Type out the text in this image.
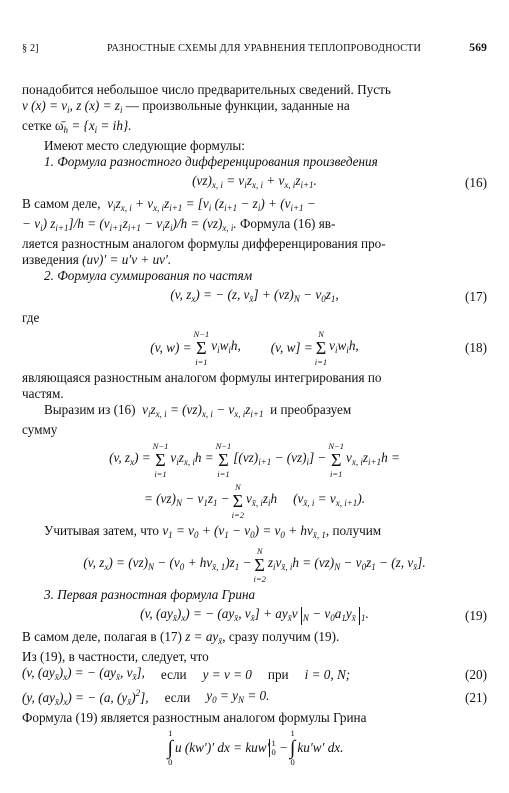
§ 2]	РАЗНОСТНЫЕ СХЕМЫ ДЛЯ УРАВНЕНИЯ ТЕПЛОПРОВОДНОСТИ	569

понадобится небольшое число предварительных сведений. Пусть
v $(x) = v_i$, z $(x) = z_i$ — произвольные функции, заданные на
сетке $\omegā_h = \{x_i = ih\}$.

Имеют место следующие формулы:

1. Формула разностного дифференцирования произведения

$(vz)_{x, i} = v_iz_{x, i} + v_{x, i}z_{i+1}$.	(16)

В самом деле,  $v_iz_{x, i} + v_{x, i}z_{i+1} = [v_i$ $(z_{i+1} - z_i) + (v_{i+1}$ −
− $v_i$) $z_{i+1}]/h = (v_{i+1}z_{i+1} - v_iz_i)/h = (vz)_{x, i}$. Формула (16) яв-
ляется разностным аналогом формулы дифференцирования про-
изведения (uv)′ = u′v + uv′.

2. Формула суммирования по частям

(v, $z_x$) = − (z, $v_{x̄}] + (vz)_N - v_0z_1$,	(17)

где

(v, w) =
N−1
Σ
i=1
$v_iw_ih$, (v, w] =
N
Σ
i=1
$v_iw_ih$,	(18)

являющаяся разностным аналогом формулы интегрирования по
частям.

Выразим из (16)  $v_iz_{x, i} = (vz)_{x, i} - v_{x, i}z_{i+1}$  и преобразуем
сумму

(v, $z_x$) =
N−1
Σ
i=1
$v_iz_{x, i}h$ =
N−1
Σ
i=1
$[(vz)_{i+1} - (vz)_i]$ −
N−1
Σ
i=1
$v_{x, i}z_{i+1}h$ =
= $(vz)_N - v_1z_1$ −
N
Σ
i=2
$v_{x̄, i}z_ih$ $(v_{x̄, i} = v_{x, i+1})$.

Учитывая затем, что $v_1 = v_0 + (v_1 - v_0) = v_0 + hv_{x̄, 1}$, получим

(v, $z_x) = (vz)_N - (v_0 + hv_{x̄, 1})z_1$ −
N
Σ
i=2
$z_iv_{x̄, i}h = (vz)_N - v_0z_1 - (z$, $v_{x̄}$].

3. Первая разностная формула Грина

(v, $(ay_{x̄})_x$) = − ($ay_{x̄}$, $v_{x̄}] + ay_{x̄}v$ $_N - v_0a_1y_{x̄}$ $_1$.	(19)

В самом деле, полагая в (17) $z = ay_{x̄}$, сразу получим (19).
Из (19), в частности, следует, что

(v, $(ay_{x̄})_x$) = − ($ay_{x̄}$, $v_{x̄}$], если y = v = 0 при i = 0, N;	(20)
(y, $(ay_{x̄})_x$) = − (a, $(y_{x̄})^2$], если $y_0 = y_N = 0$.	(21)

Формула (19) является разностным аналогом формулы Грина

1
∫
0
u (kw′)′ dx = kuw′ 1
0 −
1
∫
0
ku′w′ dx.
